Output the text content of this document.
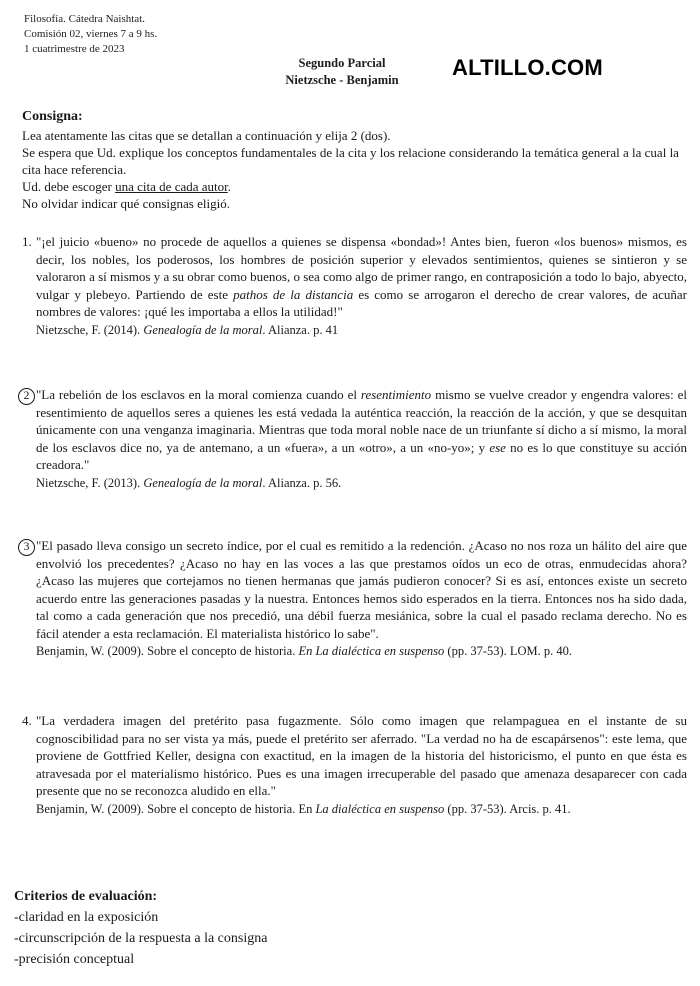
Filosofía. Cátedra Naishtat.
Comisión 02, viernes 7 a 9 hs.
1 cuatrimestre de 2023
Segundo Parcial
Nietzsche - Benjamin	ALTILLO.COM
Consigna:
Lea atentamente las citas que se detallan a continuación y elija 2 (dos).
Se espera que Ud. explique los conceptos fundamentales de la cita y los relacione considerando la temática general a la cual la cita hace referencia.
Ud. debe escoger una cita de cada autor.
No olvidar indicar qué consignas eligió.
1. "¡el juicio «bueno» no procede de aquellos a quienes se dispensa «bondad»! Antes bien, fueron «los buenos» mismos, es decir, los nobles, los poderosos, los hombres de posición superior y elevados sentimientos, quienes se sintieron y se valoraron a sí mismos y a su obrar como buenos, o sea como algo de primer rango, en contraposición a todo lo bajo, abyecto, vulgar y plebeyo. Partiendo de este pathos de la distancia es como se arrogaron el derecho de crear valores, de acuñar nombres de valores: ¡qué les importaba a ellos la utilidad!"
Nietzsche, F. (2014). Genealogía de la moral. Alianza. p. 41
2 "La rebelión de los esclavos en la moral comienza cuando el resentimiento mismo se vuelve creador y engendra valores: el resentimiento de aquellos seres a quienes les está vedada la auténtica reacción, la reacción de la acción, y que se desquitan únicamente con una venganza imaginaria. Mientras que toda moral noble nace de un triunfante sí dicho a sí mismo, la moral de los esclavos dice no, ya de antemano, a un «fuera», a un «otro», a un «no-yo»; y ese no es lo que constituye su acción creadora."
Nietzsche, F. (2013). Genealogía de la moral. Alianza. p. 56.
3 "El pasado lleva consigo un secreto índice, por el cual es remitido a la redención. ¿Acaso no nos roza un hálito del aire que envolvió los precedentes? ¿Acaso no hay en las voces a las que prestamos oídos un eco de otras, enmudecidas ahora? ¿Acaso las mujeres que cortejamos no tienen hermanas que jamás pudieron conocer? Si es así, entonces existe un secreto acuerdo entre las generaciones pasadas y la nuestra. Entonces hemos sido esperados en la tierra. Entonces nos ha sido dada, tal como a cada generación que nos precedió, una débil fuerza mesiánica, sobre la cual el pasado reclama derecho. No es fácil atender a esta reclamación. El materialista histórico lo sabe".
Benjamin, W. (2009). Sobre el concepto de historia. En La dialéctica en suspenso (pp. 37-53). LOM. p. 40.
4. "La verdadera imagen del pretérito pasa fugazmente. Sólo como imagen que relampaguea en el instante de su cognoscibilidad para no ser vista ya más, puede el pretérito ser aferrado. "La verdad no ha de escapársenos": este lema, que proviene de Gottfried Keller, designa con exactitud, en la imagen de la historia del historicismo, el punto en que ésta es atravesada por el materialismo histórico. Pues es una imagen irrecuperable del pasado que amenaza desaparecer con cada presente que no se reconozca aludido en ella."
Benjamin, W. (2009). Sobre el concepto de historia. En La dialéctica en suspenso (pp. 37-53). Arcis. p. 41.
Criterios de evaluación:
-claridad en la exposición
-circunscripción de la respuesta a la consigna
-precisión conceptual
